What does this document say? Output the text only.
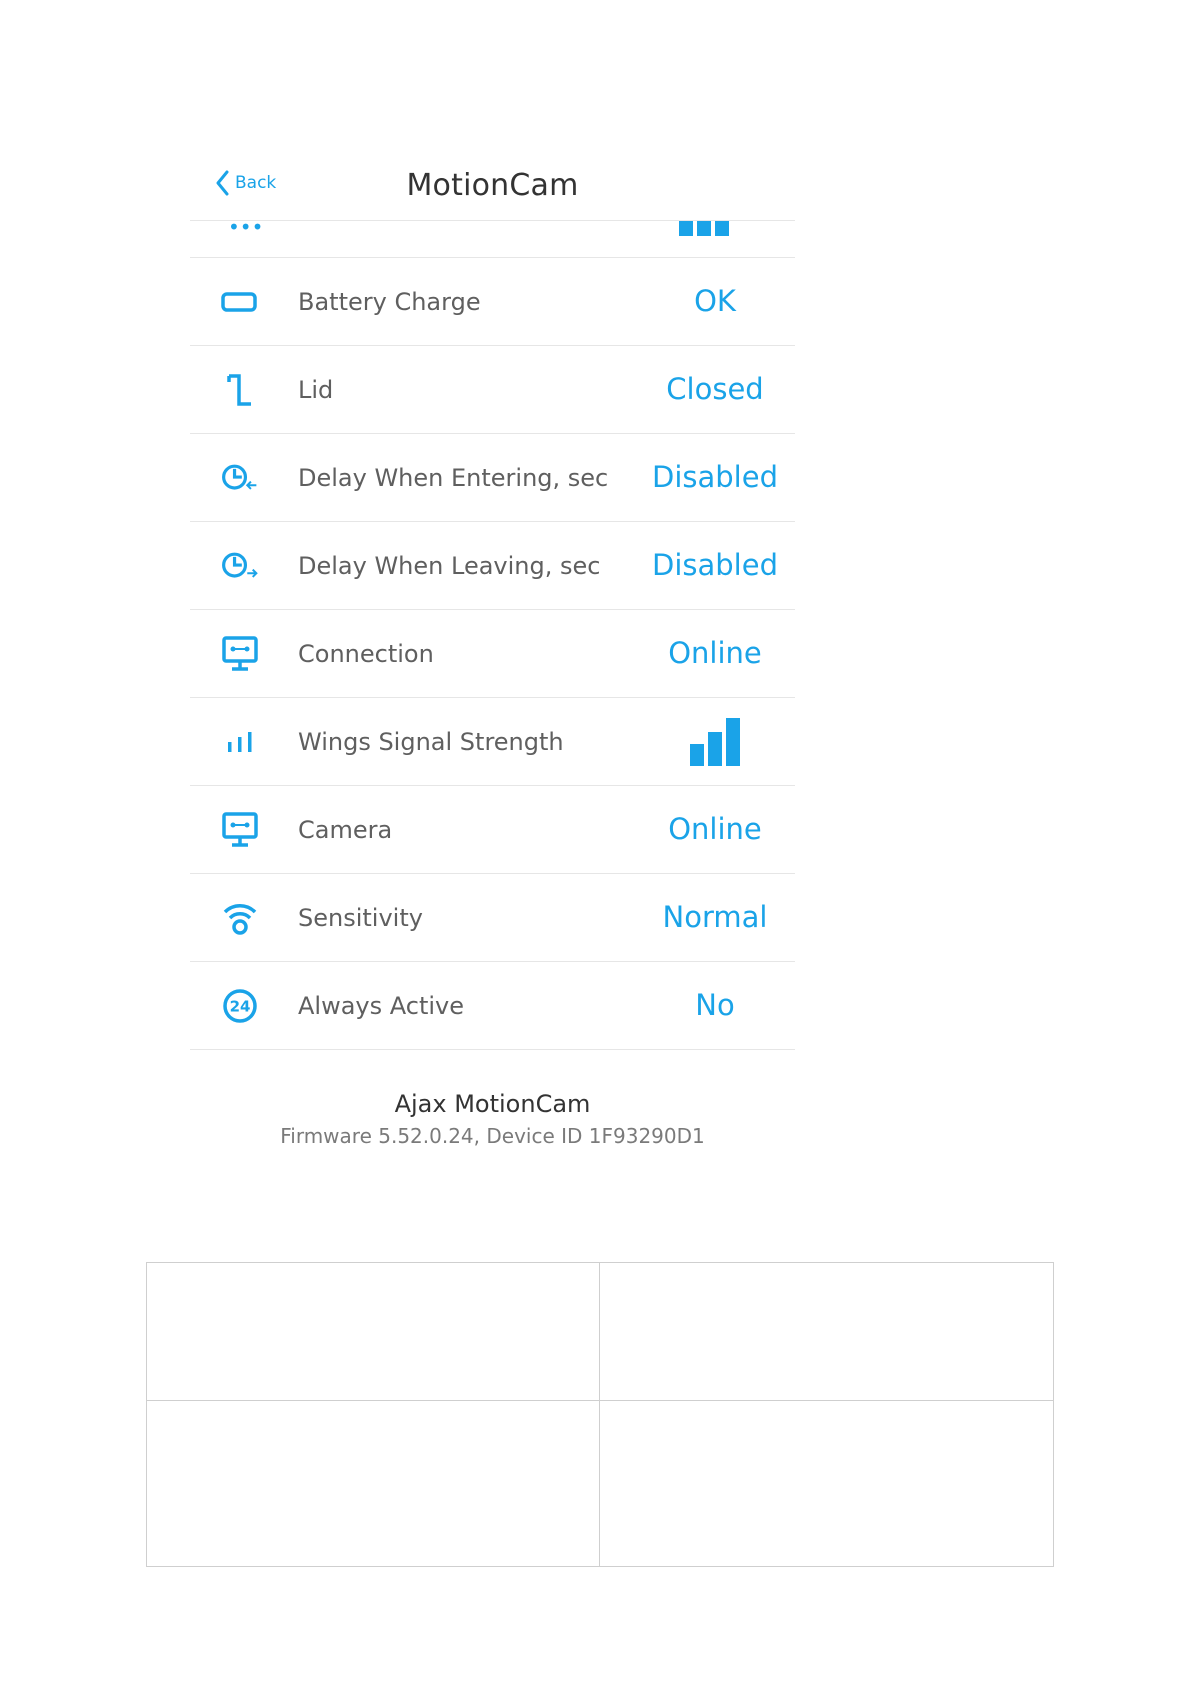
Back	MotionCam
•••
Battery Charge	OK
Lid	Closed
Delay When Entering, sec	Disabled
Delay When Leaving, sec	Disabled
Connection	Online
Wings Signal Strength
Camera	Online
Sensitivity	Normal
24 Always Active	No
Ajax MotionCam
Firmware 5.52.0.24, Device ID 1F93290D1
